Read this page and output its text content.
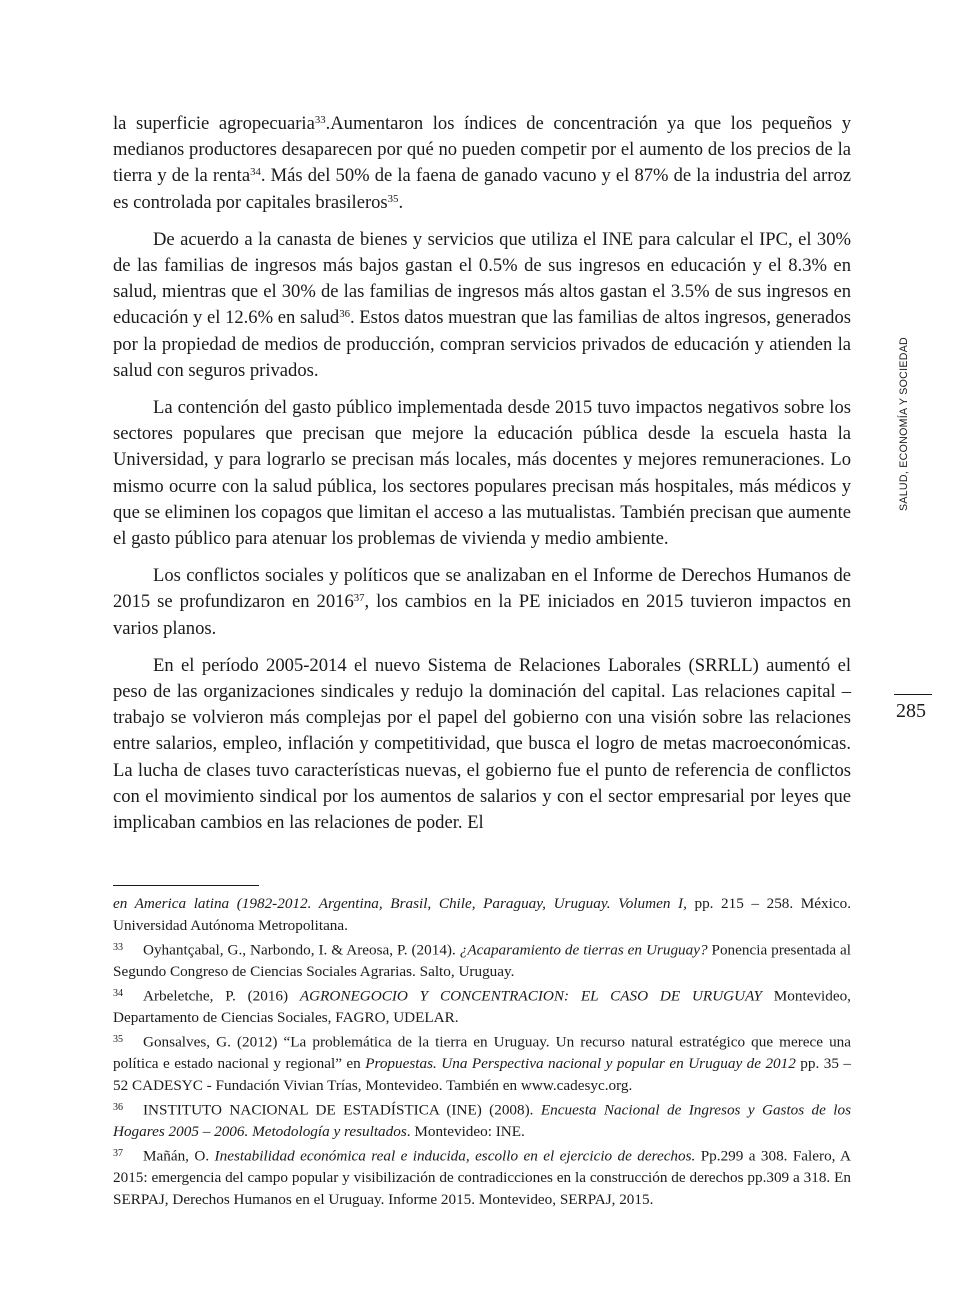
la superficie agropecuaria$^{33}$.Aumentaron los índices de concentración ya que los pequeños y medianos productores desaparecen por qué no pueden competir por el aumento de los precios de la tierra y de la renta$^{34}$. Más del 50% de la faena de ganado vacuno y el 87% de la industria del arroz es controlada por capitales brasileros$^{35}$.

De acuerdo a la canasta de bienes y servicios que utiliza el INE para calcular el IPC, el 30% de las familias de ingresos más bajos gastan el 0.5% de sus ingresos en educación y el 8.3% en salud, mientras que el 30% de las familias de ingresos más altos gastan el 3.5% de sus ingresos en educación y el 12.6% en salud$^{36}$. Estos datos muestran que las familias de altos ingresos, generados por la propiedad de medios de producción, compran servicios privados de educación y atienden la salud con seguros privados.

La contención del gasto público implementada desde 2015 tuvo impactos negativos sobre los sectores populares que precisan que mejore la educación pública desde la escuela hasta la Universidad, y para lograrlo se precisan más locales, más docentes y mejores remuneraciones. Lo mismo ocurre con la salud pública, los sectores populares precisan más hospitales, más médicos y que se eliminen los copagos que limitan el acceso a las mutualistas. También precisan que aumente el gasto público para atenuar los problemas de vivienda y medio ambiente.

Los conflictos sociales y políticos que se analizaban en el Informe de Derechos Humanos de 2015 se profundizaron en 2016$^{37}$, los cambios en la PE iniciados en 2015 tuvieron impactos en varios planos.

En el período 2005-2014 el nuevo Sistema de Relaciones Laborales (SRRLL) aumentó el peso de las organizaciones sindicales y redujo la dominación del capital. Las relaciones capital – trabajo se volvieron más complejas por el papel del gobierno con una visión sobre las relaciones entre salarios, empleo, inflación y competitividad, que busca el logro de metas macroeconómicas. La lucha de clases tuvo características nuevas, el gobierno fue el punto de referencia de conflictos con el movimiento sindical por los aumentos de salarios y con el sector empresarial por leyes que implicaban cambios en las relaciones de poder. El

en America latina (1982-2012. Argentina, Brasil, Chile, Paraguay, Uruguay. Volumen I, pp. 215 – 258. México. Universidad Autónoma Metropolitana.

33 Oyhantçabal, G., Narbondo, I. & Areosa, P. (2014). ¿Acaparamiento de tierras en Uruguay? Ponencia presentada al Segundo Congreso de Ciencias Sociales Agrarias. Salto, Uruguay.

34 Arbeletche, P. (2016) AGRONEGOCIO Y CONCENTRACION: EL CASO DE URUGUAY Montevideo, Departamento de Ciencias Sociales, FAGRO, UDELAR.

35 Gonsalves, G. (2012) “La problemática de la tierra en Uruguay. Un recurso natural estratégico que merece una política e estado nacional y regional” en Propuestas. Una Perspectiva nacional y popular en Uruguay de 2012 pp. 35 – 52 CADESYC - Fundación Vivian Trías, Montevideo. También en www.cadesyc.org.

36 INSTITUTO NACIONAL DE ESTADÍSTICA (INE) (2008). Encuesta Nacional de Ingresos y Gastos de los Hogares 2005 – 2006. Metodología y resultados. Montevideo: INE.

37 Mañán, O. Inestabilidad económica real e inducida, escollo en el ejercicio de derechos. Pp.299 a 308. Falero, A 2015: emergencia del campo popular y visibilización de contradicciones en la construcción de derechos pp.309 a 318. En SERPAJ, Derechos Humanos en el Uruguay. Informe 2015. Montevideo, SERPAJ, 2015.

SALUD, ECONOMÍA Y SOCIEDAD
285
